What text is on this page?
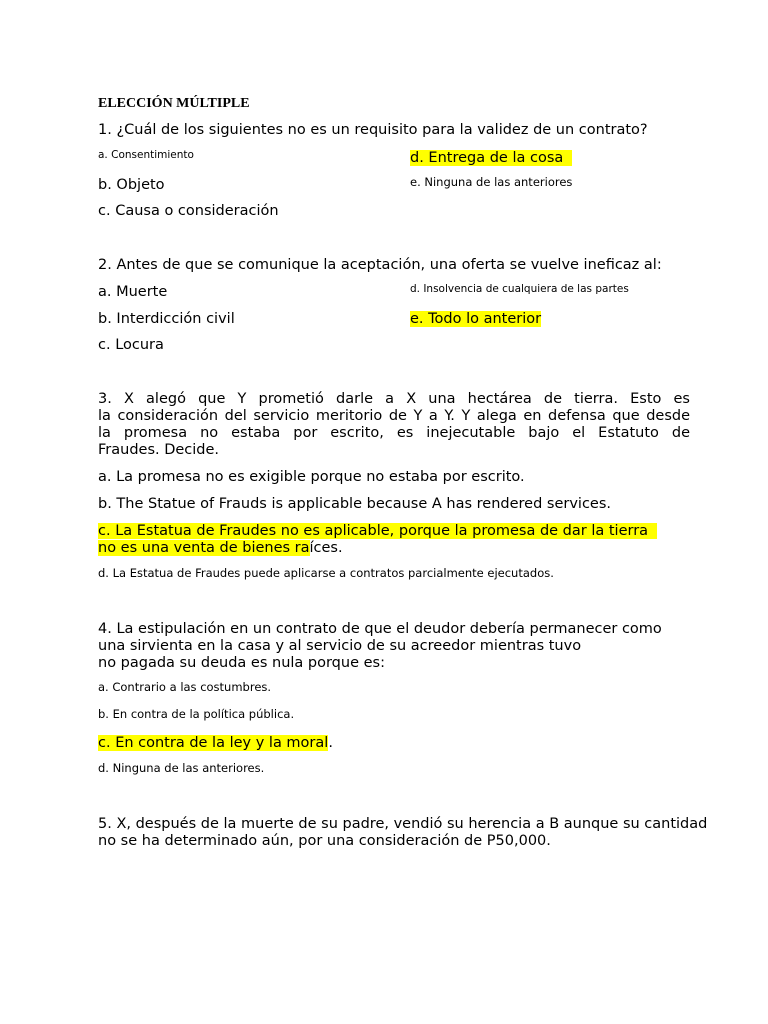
ELECCIÓN MÚLTIPLE
1. ¿Cuál de los siguientes no es un requisito para la validez de un contrato?
a. Consentimiento	d. Entrega de la cosa
b. Objeto	e. Ninguna de las anteriores
c. Causa o consideración
2. Antes de que se comunique la aceptación, una oferta se vuelve ineficaz al:
a. Muerte	d. Insolvencia de cualquiera de las partes
b. Interdicción civil	e. Todo lo anterior
c. Locura
3. X alegó que Y prometió darle a X una hectárea de tierra. Esto es
la consideración del servicio meritorio de Y a Y. Y alega en defensa que desde
la promesa no estaba por escrito, es inejecutable bajo el Estatuto de
Fraudes. Decide.
a. La promesa no es exigible porque no estaba por escrito.
b. The Statue of Frauds is applicable because A has rendered services.
c. La Estatua de Fraudes no es aplicable, porque la promesa de dar la tierra
no es una venta de bienes raíces.
d. La Estatua de Fraudes puede aplicarse a contratos parcialmente ejecutados.
4. La estipulación en un contrato de que el deudor debería permanecer como
una sirvienta en la casa y al servicio de su acreedor mientras tuvo
no pagada su deuda es nula porque es:
a. Contrario a las costumbres.
b. En contra de la política pública.
c. En contra de la ley y la moral.
d. Ninguna de las anteriores.
5. X, después de la muerte de su padre, vendió su herencia a B aunque su cantidad
no se ha determinado aún, por una consideración de P50,000.
